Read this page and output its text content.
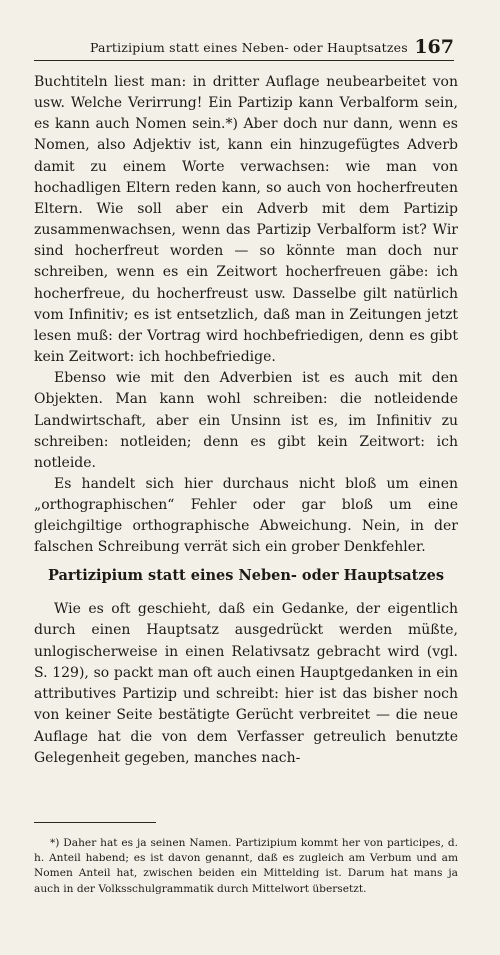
Partizipium statt eines Neben- oder Hauptsatzes 167

Buchtiteln liest man: in dritter Auflage neubearbeitet von usw. Welche Verirrung! Ein Partizip kann Verbalform sein, es kann auch Nomen sein.*) Aber doch nur dann, wenn es Nomen, also Adjektiv ist, kann ein hinzugefügtes Adverb damit zu einem Worte verwachsen: wie man von hochadligen Eltern reden kann, so auch von hocherfreuten Eltern. Wie soll aber ein Adverb mit dem Partizip zusammenwachsen, wenn das Partizip Verbalform ist? Wir sind hocherfreut worden — so könnte man doch nur schreiben, wenn es ein Zeitwort hocherfreuen gäbe: ich hocherfreue, du hocherfreust usw. Dasselbe gilt natürlich vom Infinitiv; es ist entsetzlich, daß man in Zeitungen jetzt lesen muß: der Vortrag wird hochbefriedigen, denn es gibt kein Zeitwort: ich hochbefriedige.

Ebenso wie mit den Adverbien ist es auch mit den Objekten. Man kann wohl schreiben: die notleidende Landwirtschaft, aber ein Unsinn ist es, im Infinitiv zu schreiben: notleiden; denn es gibt kein Zeitwort: ich notleide.

Es handelt sich hier durchaus nicht bloß um einen „orthographischen“ Fehler oder gar bloß um eine gleichgiltige orthographische Abweichung. Nein, in der falschen Schreibung verrät sich ein grober Denkfehler.

Partizipium statt eines Neben- oder Hauptsatzes

Wie es oft geschieht, daß ein Gedanke, der eigentlich durch einen Hauptsatz ausgedrückt werden müßte, unlogischerweise in einen Relativsatz gebracht wird (vgl. S. 129), so packt man oft auch einen Hauptgedanken in ein attributives Partizip und schreibt: hier ist das bisher noch von keiner Seite bestätigte Gerücht verbreitet — die neue Auflage hat die von dem Verfasser getreulich benutzte Gelegenheit gegeben, manches nach-

*) Daher hat es ja seinen Namen. Partizipium kommt her von participes, d. h. Anteil habend; es ist davon genannt, daß es zugleich am Verbum und am Nomen Anteil hat, zwischen beiden ein Mittelding ist. Darum hat mans ja auch in der Volksschulgrammatik durch Mittelwort übersetzt.
